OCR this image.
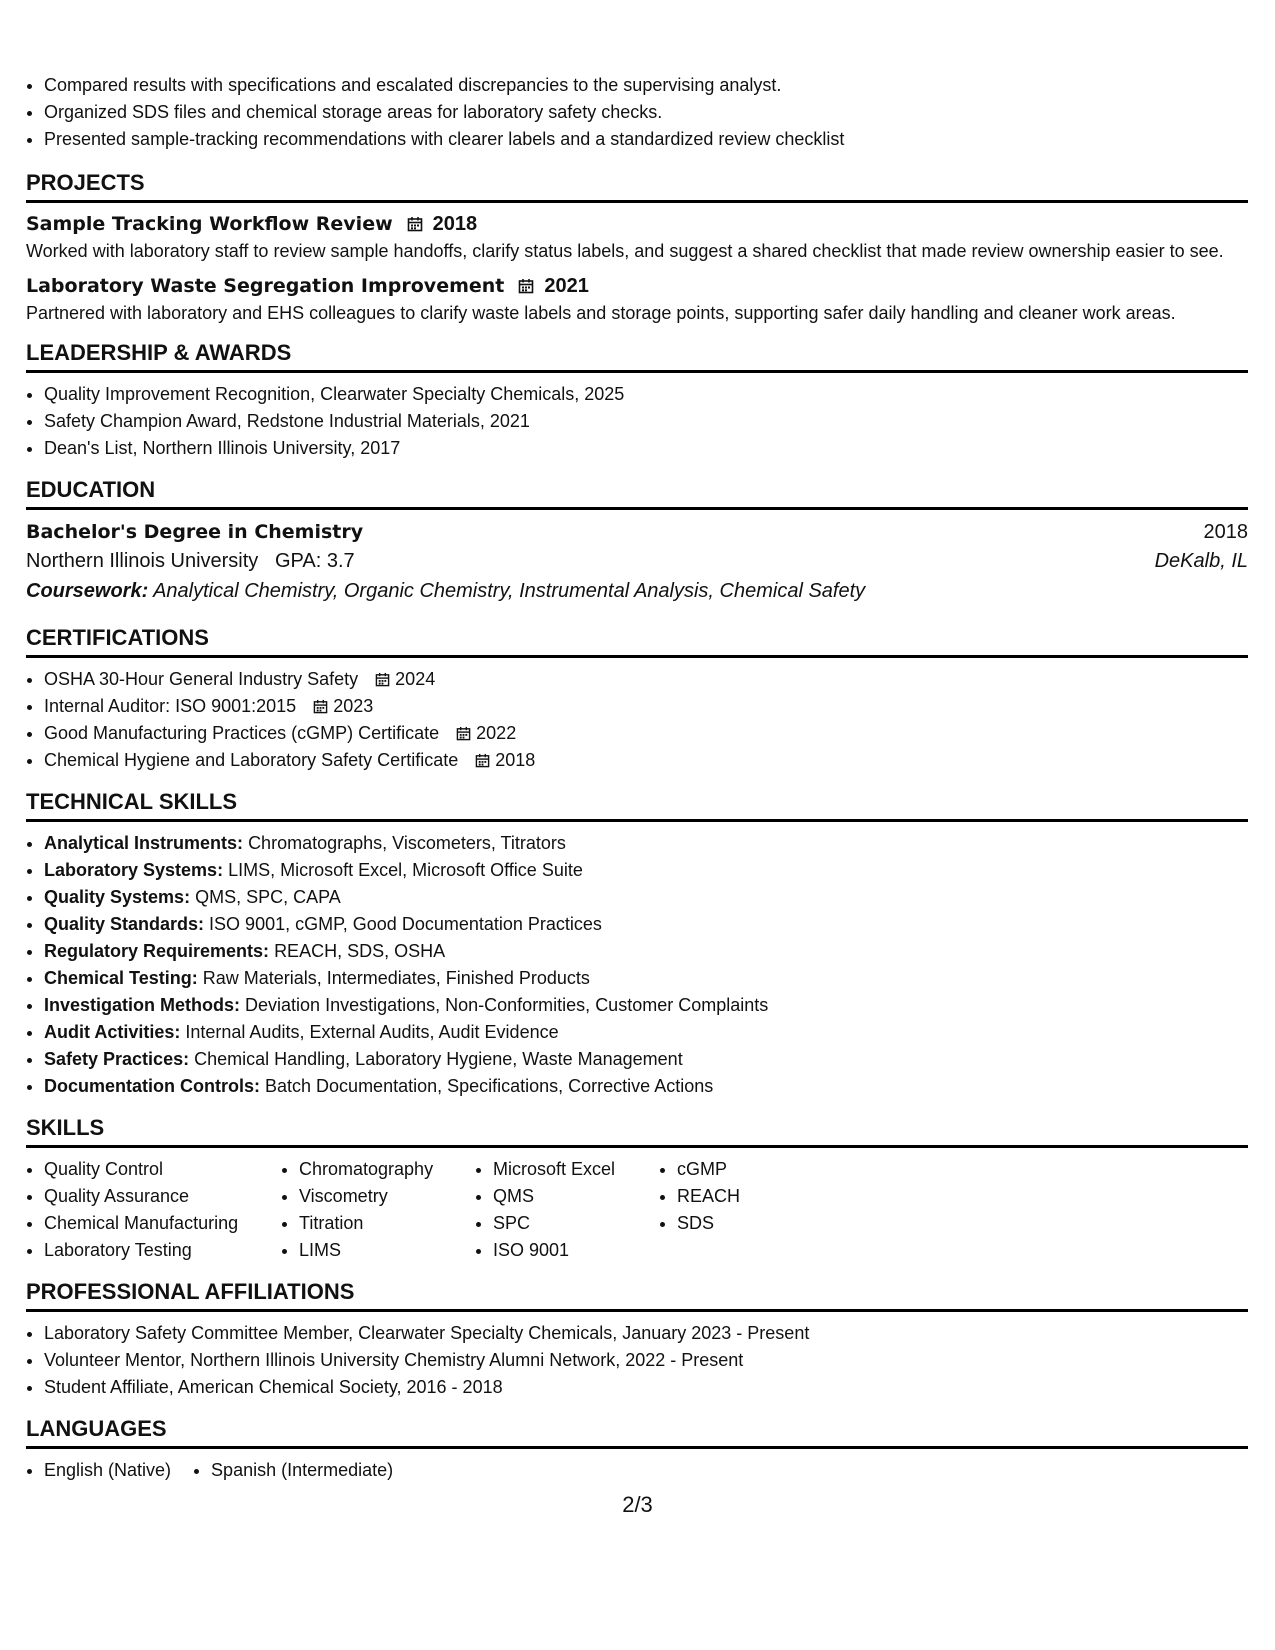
• Compared results with specifications and escalated discrepancies to the supervising analyst.
• Organized SDS files and chemical storage areas for laboratory safety checks.
• Presented sample-tracking recommendations with clearer labels and a standardized review checklist
PROJECTS
Sample Tracking Workflow Review 2018
Worked with laboratory staff to review sample handoffs, clarify status labels, and suggest a shared checklist that made review ownership easier to see.
Laboratory Waste Segregation Improvement 2021
Partnered with laboratory and EHS colleagues to clarify waste labels and storage points, supporting safer daily handling and cleaner work areas.
LEADERSHIP & AWARDS
• Quality Improvement Recognition, Clearwater Specialty Chemicals, 2025
• Safety Champion Award, Redstone Industrial Materials, 2021
• Dean's List, Northern Illinois University, 2017
EDUCATION
Bachelor's Degree in Chemistry	2018
Northern Illinois University GPA: 3.7	DeKalb, IL
Coursework: Analytical Chemistry, Organic Chemistry, Instrumental Analysis, Chemical Safety
CERTIFICATIONS
• OSHA 30-Hour General Industry Safety 2024
• Internal Auditor: ISO 9001:2015 2023
• Good Manufacturing Practices (cGMP) Certificate 2022
• Chemical Hygiene and Laboratory Safety Certificate 2018
TECHNICAL SKILLS
• Analytical Instruments: Chromatographs, Viscometers, Titrators
• Laboratory Systems: LIMS, Microsoft Excel, Microsoft Office Suite
• Quality Systems: QMS, SPC, CAPA
• Quality Standards: ISO 9001, cGMP, Good Documentation Practices
• Regulatory Requirements: REACH, SDS, OSHA
• Chemical Testing: Raw Materials, Intermediates, Finished Products
• Investigation Methods: Deviation Investigations, Non-Conformities, Customer Complaints
• Audit Activities: Internal Audits, External Audits, Audit Evidence
• Safety Practices: Chemical Handling, Laboratory Hygiene, Waste Management
• Documentation Controls: Batch Documentation, Specifications, Corrective Actions
SKILLS
• Quality Control
• Quality Assurance
• Chemical Manufacturing
• Laboratory Testing
• Chromatography
• Viscometry
• Titration
• LIMS
• Microsoft Excel
• QMS
• SPC
• ISO 9001
• cGMP
• REACH
• SDS
PROFESSIONAL AFFILIATIONS
• Laboratory Safety Committee Member, Clearwater Specialty Chemicals, January 2023 - Present
• Volunteer Mentor, Northern Illinois University Chemistry Alumni Network, 2022 - Present
• Student Affiliate, American Chemical Society, 2016 - 2018
LANGUAGES
• English (Native)
• Spanish (Intermediate)
2/3
